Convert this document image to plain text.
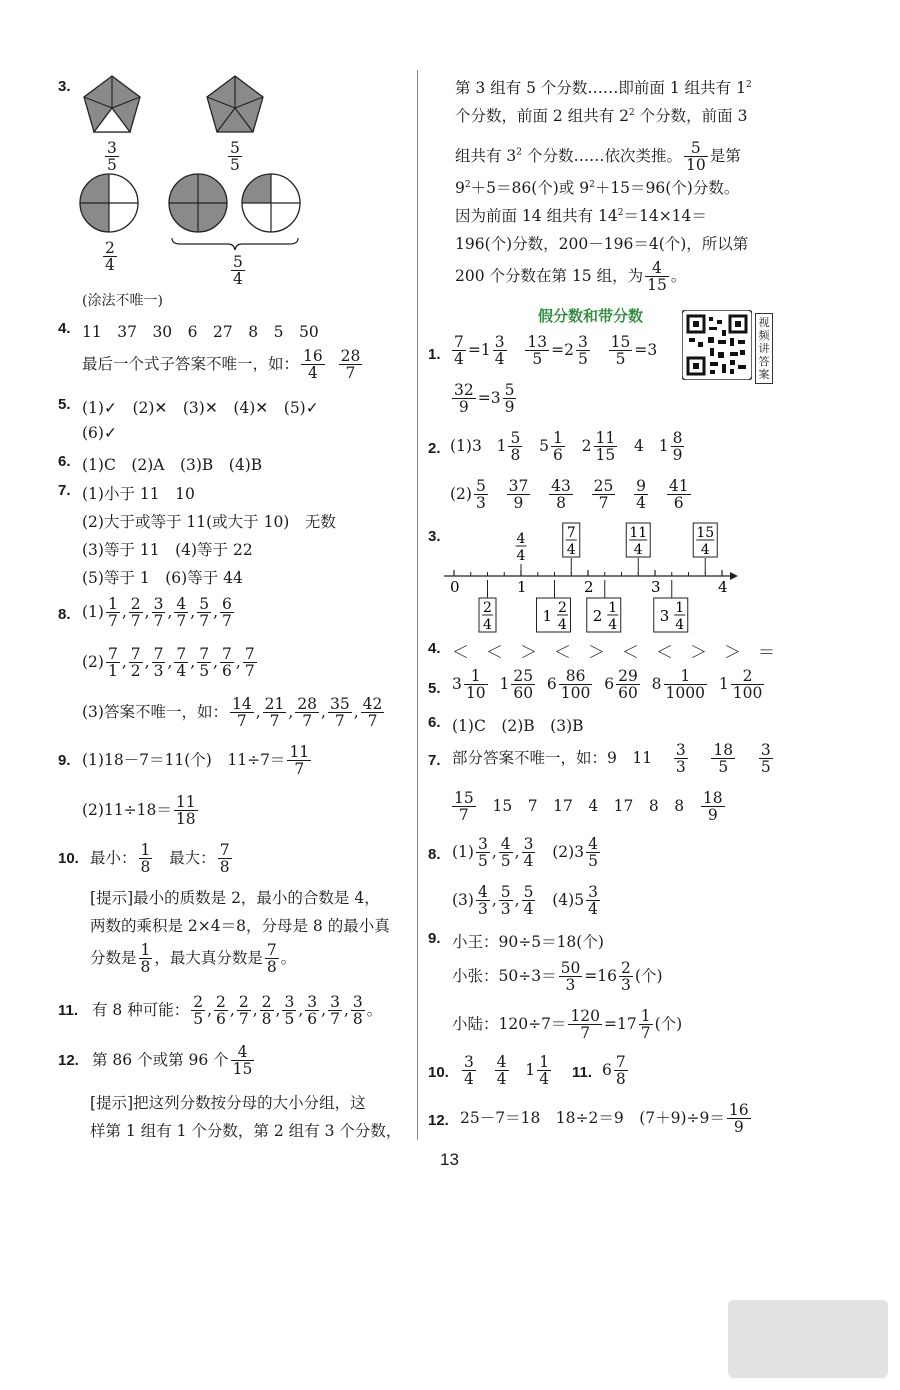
3.
$\frac{3}{5}$	$\frac{5}{5}$
$\frac{2}{4}$	$\frac{5}{4}$
(涂法不唯一)
4. 11　37　30　6　27　8　5　50
最后一个式子答案不唯一，如： $\frac{16}{4}$
$\frac{28}{7}$
5. (1)✓　(2)✕　(3)✕　(4)✕　(5)✓
(6)✓
6. (1)C　(2)A　(3)B　(4)B
7. (1)小于 11　10
(2)大于或等于 11(或大于 10)　无数
(3)等于 11　(4)等于 22
(5)等于 1　(6)等于 44
8. $(1) \frac{1}{7}$ , $\frac{2}{7}$ , $\frac{3}{7}$ , $\frac{4}{7}$ , $\frac{5}{7}$ , $\frac{6}{7}$
$(2) \frac{7}{1}$ , $\frac{7}{2}$ , $\frac{7}{3}$ , $\frac{7}{4}$ , $\frac{7}{5}$ , $\frac{7}{6}$ , $\frac{7}{7}$
(3)答案不唯一，如： $\frac{14}{7}$ , $\frac{21}{7}$ , $\frac{28}{7}$ , $\frac{35}{7}$ , $\frac{42}{7}$
9. (1)18－7＝11(个)　$11\div 7= \frac{11}{7}$
$(2)11\div 18= \frac{11}{18}$
10. 最小： $\frac{1}{8}$ 最大： $\frac{7}{8}$
[提示]最小的质数是 2，最小的合数是 4，
两数的乘积是 2×4＝8，分母是 8 的最小真
分数是 $\frac{1}{8}$ ，最大真分数是 $\frac{7}{8}$ 。
11. 有 8 种可能： $\frac{2}{5}$ , $\frac{2}{6}$ , $\frac{2}{7}$ , $\frac{2}{8}$ , $\frac{3}{5}$ , $\frac{3}{6}$ , $\frac{3}{7}$ , $\frac{3}{8}$ 。
12. 第 86 个或第 96 个 $\frac{4}{15}$
[提示]把这列分数按分母的大小分组，这
样第 1 组有 1 个分数，第 2 组有 3 个分数，
第 3 组有 5 个分数……即前面 1 组共有 $1^2$
个分数，前面 2 组共有 $2^2$ 个分数，前面 3
组共有 $3^2$ 个分数……依次类推。 $\frac{5}{10}$ 是第
$9^2+5=86$(个)或 $9^2+15=96$(个)分数。
因为前面 14 组共有 $14^2=14\times 14=$
196(个)分数，200－196＝4(个)，所以第
200 个分数在第 15 组，为 $\frac{4}{15}$ 。
假分数和带分数	视频讲答案
1. $\frac{7}{4} =1 \frac{3}{4}$
$\frac{13}{5} =2 \frac{3}{5}$
$\frac{15}{5} =3$
$\frac{32}{9} =3 \frac{5}{9}$
2. (1)3   $1 \frac{5}{8} 5 \frac{1}{6} 2 \frac{11}{15} 4$   $1 \frac{8}{9}$
$(2) \frac{5}{3}$
$\frac{37}{9}$
$\frac{43}{8}$
$\frac{25}{7}$
$\frac{9}{4}$
$\frac{41}{6}$
3.
0	1	2	3	4
4
4
7
4
11
4
15
4
2
4	1 2
4 2 1
4	3 1
4
4. ＜　＜　＞　＜　＞　＜　＜　＞　＞　＝
5. $3 \frac{1}{10} 1 \frac{25}{60} 6 \frac{86}{100} 6 \frac{29}{60} 8 \frac{1}{1000} 1 \frac{2}{100}$
6. (1)C　(2)B　(3)B
7. 部分答案不唯一，如：9　$11 \frac{3}{3}$
$\frac{18}{5}$
$\frac{3}{5}$
$\frac{15}{7} 15$　7　17　4　17　8　$8 \frac{18}{9}$
8. $(1) \frac{3}{5}$ , $\frac{4}{5}$ , $\frac{3}{4} (2)3 \frac{4}{5}$
$(3) \frac{4}{3}$ , $\frac{5}{3}$ , $\frac{5}{4} (4)5 \frac{3}{4}$
9. 小王：90÷5＝18(个)
小张：$50\div 3= \frac{50}{3} =16 \frac{2}{3}$ (个)
小陆：$120\div 7= \frac{120}{7} =17 \frac{1}{7}$ (个)
10. $\frac{3}{4}$
$\frac{4}{4} 1 \frac{1}{4} 11$. $6 \frac{7}{8}$
12. 25－7＝18　18÷2＝9　$(7+9)\div 9= \frac{16}{9}$
13
